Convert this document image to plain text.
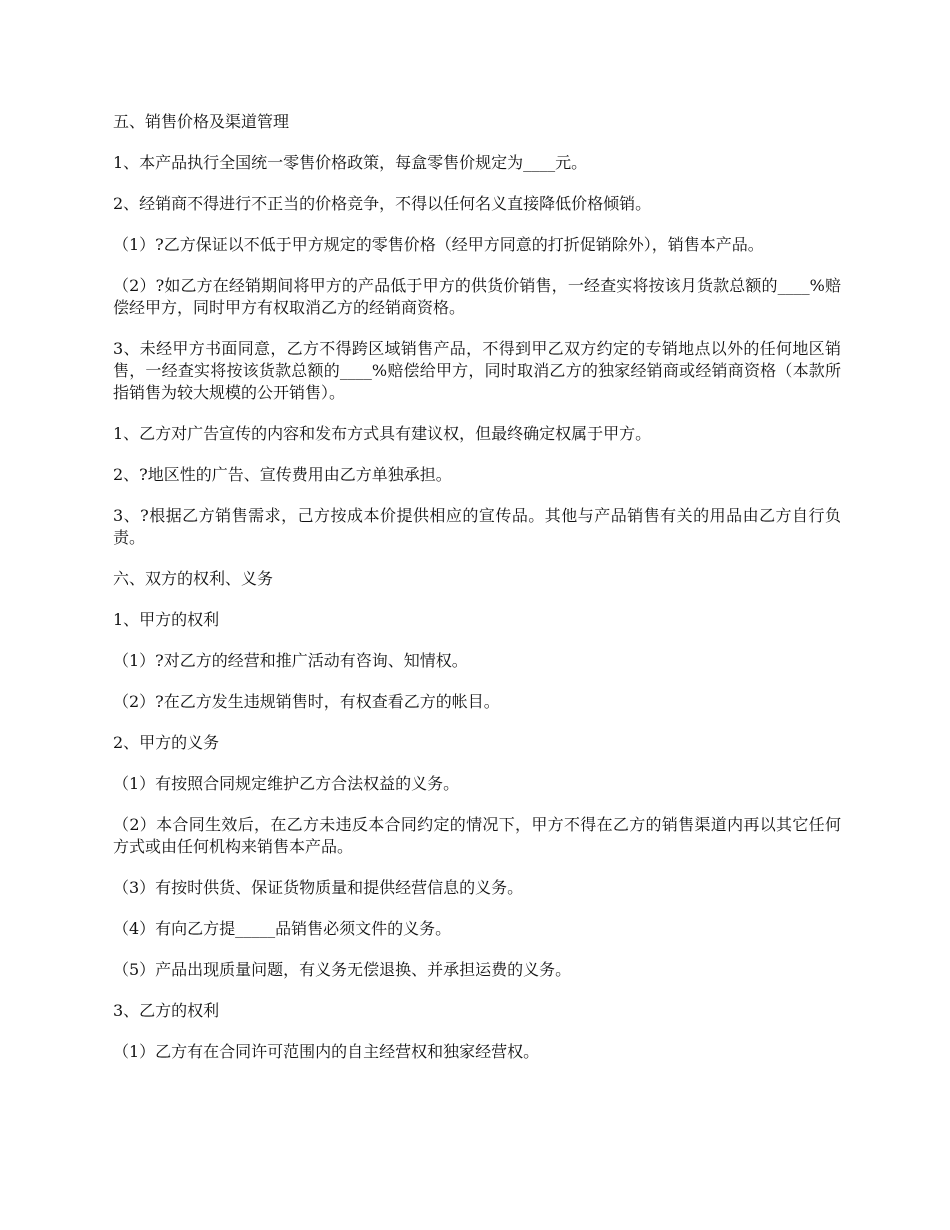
五、销售价格及渠道管理

1、本产品执行全国统一零售价格政策，每盒零售价规定为____元。

2、经销商不得进行不正当的价格竞争，不得以任何名义直接降低价格倾销。

（1）?乙方保证以不低于甲方规定的零售价格（经甲方同意的打折促销除外），销售本产品。

（2）?如乙方在经销期间将甲方的产品低于甲方的供货价销售，一经查实将按该月货款总额的____%赔偿经甲方，同时甲方有权取消乙方的经销商资格。

3、未经甲方书面同意，乙方不得跨区域销售产品，不得到甲乙双方约定的专销地点以外的任何地区销售，一经查实将按该货款总额的____%赔偿给甲方，同时取消乙方的独家经销商或经销商资格（本款所指销售为较大规模的公开销售）。

1、乙方对广告宣传的内容和发布方式具有建议权，但最终确定权属于甲方。

2、?地区性的广告、宣传费用由乙方单独承担。

3、?根据乙方销售需求，己方按成本价提供相应的宣传品。其他与产品销售有关的用品由乙方自行负责。

六、双方的权利、义务

1、甲方的权利

（1）?对乙方的经营和推广活动有咨询、知情权。

（2）?在乙方发生违规销售时，有权查看乙方的帐目。

2、甲方的义务

（1）有按照合同规定维护乙方合法权益的义务。

（2）本合同生效后，在乙方未违反本合同约定的情况下，甲方不得在乙方的销售渠道内再以其它任何方式或由任何机构来销售本产品。

（3）有按时供货、保证货物质量和提供经营信息的义务。

（4）有向乙方提_____品销售必须文件的义务。

（5）产品出现质量问题，有义务无偿退换、并承担运费的义务。

3、乙方的权利

（1）乙方有在合同许可范围内的自主经营权和独家经营权。
